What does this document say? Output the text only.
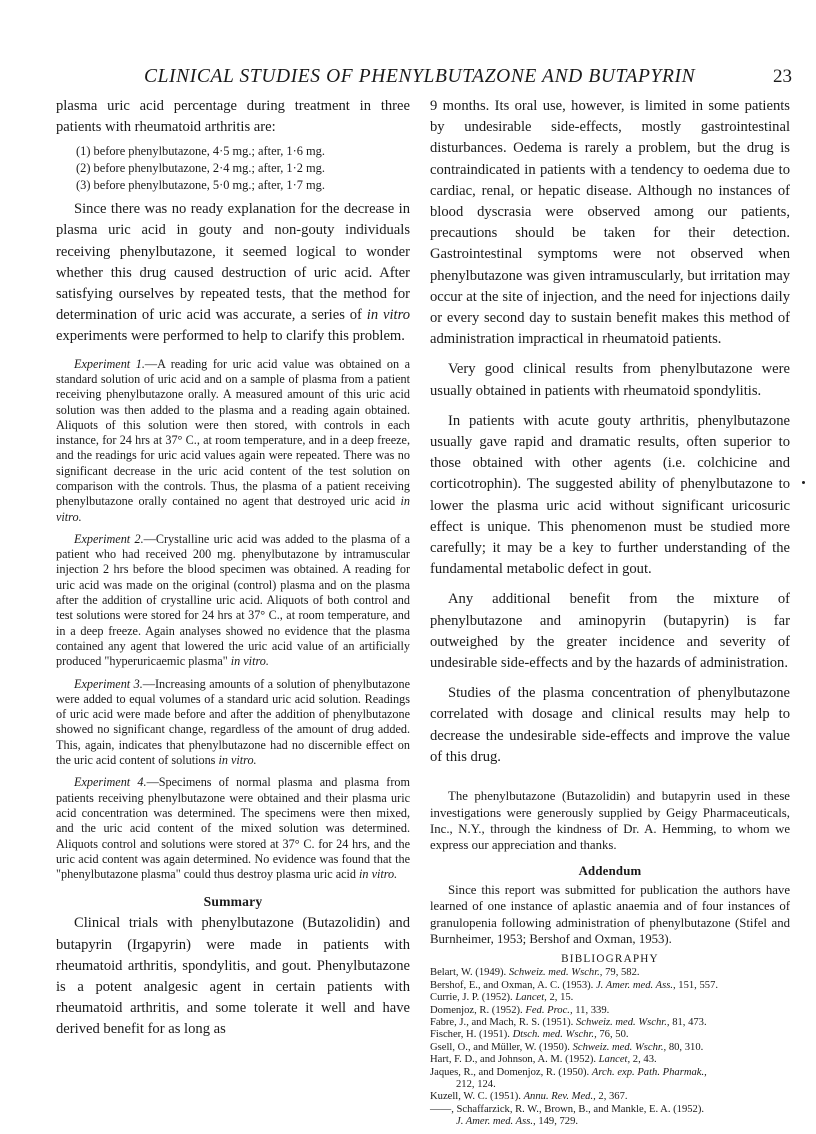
CLINICAL STUDIES OF PHENYLBUTAZONE AND BUTAPYRIN	23

plasma uric acid percentage during treatment in three patients with rheumatoid arthritis are:

(1) before phenylbutazone, 4·5 mg.; after, 1·6 mg.
(2) before phenylbutazone, 2·4 mg.; after, 1·2 mg.
(3) before phenylbutazone, 5·0 mg.; after, 1·7 mg.

Since there was no ready explanation for the decrease in plasma uric acid in gouty and non-gouty individuals receiving phenylbutazone, it seemed logical to wonder whether this drug caused destruction of uric acid. After satisfying ourselves by repeated tests, that the method for determination of uric acid was accurate, a series of in vitro experiments were performed to help to clarify this problem.

Experiment 1.—A reading for uric acid value was obtained on a standard solution of uric acid and on a sample of plasma from a patient receiving phenylbutazone orally. A measured amount of this uric acid solution was then added to the plasma and a reading again obtained. Aliquots of this solution were then stored, with controls in each instance, for 24 hrs at 37° C., at room temperature, and in a deep freeze, and the readings for uric acid values again were repeated. There was no significant decrease in the uric acid content of the test solution on comparison with the controls. Thus, the plasma of a patient receiving phenylbutazone orally contained no agent that destroyed uric acid in vitro.

Experiment 2.—Crystalline uric acid was added to the plasma of a patient who had received 200 mg. phenylbutazone by intramuscular injection 2 hrs before the blood specimen was obtained. A reading for uric acid was made on the original (control) plasma and on the plasma after the addition of crystalline uric acid. Aliquots of both control and test solutions were stored for 24 hrs at 37° C., at room temperature, and in a deep freeze. Again analyses showed no evidence that the plasma contained any agent that lowered the uric acid value of an artificially produced "hyperuricaemic plasma" in vitro.

Experiment 3.—Increasing amounts of a solution of phenylbutazone were added to equal volumes of a standard uric acid solution. Readings of uric acid were made before and after the addition of phenylbutazone showed no significant change, regardless of the amount of drug added. This, again, indicates that phenylbutazone had no discernible effect on the uric acid content of solutions in vitro.

Experiment 4.—Specimens of normal plasma and plasma from patients receiving phenylbutazone were obtained and their plasma uric acid concentration was determined. The specimens were then mixed, and the uric acid content of the mixed solution was determined. Aliquots control and solutions were stored at 37° C. for 24 hrs, and the uric acid content was again determined. No evidence was found that the "phenylbutazone plasma" could thus destroy plasma uric acid in vitro.

Summary

Clinical trials with phenylbutazone (Butazolidin) and butapyrin (Irgapyrin) were made in patients with rheumatoid arthritis, spondylitis, and gout. Phenylbutazone is a potent analgesic agent in certain patients with rheumatoid arthritis, and some tolerate it well and have derived benefit for as long as

9 months. Its oral use, however, is limited in some patients by undesirable side-effects, mostly gastrointestinal disturbances. Oedema is rarely a problem, but the drug is contraindicated in patients with a tendency to oedema due to cardiac, renal, or hepatic disease. Although no instances of blood dyscrasia were observed among our patients, precautions should be taken for their detection. Gastrointestinal symptoms were not observed when phenylbutazone was given intramuscularly, but irritation may occur at the site of injection, and the need for injections daily or every second day to sustain benefit makes this method of administration impractical in rheumatoid patients.

Very good clinical results from phenylbutazone were usually obtained in patients with rheumatoid spondylitis.

In patients with acute gouty arthritis, phenylbutazone usually gave rapid and dramatic results, often superior to those obtained with other agents (i.e. colchicine and corticotrophin). The suggested ability of phenylbutazone to lower the plasma uric acid without significant uricosuric effect is unique. This phenomenon must be studied more carefully; it may be a key to further understanding of the fundamental metabolic defect in gout.

Any additional benefit from the mixture of phenylbutazone and aminopyrin (butapyrin) is far outweighed by the greater incidence and severity of undesirable side-effects and by the hazards of administration.

Studies of the plasma concentration of phenylbutazone correlated with dosage and clinical results may help to decrease the undesirable side-effects and improve the value of this drug.

The phenylbutazone (Butazolidin) and butapyrin used in these investigations were generously supplied by Geigy Pharmaceuticals, Inc., N.Y., through the kindness of Dr. A. Hemming, to whom we express our appreciation and thanks.

Addendum

Since this report was submitted for publication the authors have learned of one instance of aplastic anaemia and of four instances of granulopenia following administration of phenylbutazone (Stifel and Burnheimer, 1953; Bershof and Oxman, 1953).

BIBLIOGRAPHY
Belart, W. (1949). Schweiz. med. Wschr., 79, 582.
Bershof, E., and Oxman, A. C. (1953). J. Amer. med. Ass., 151, 557.
Currie, J. P. (1952). Lancet, 2, 15.
Domenjoz, R. (1952). Fed. Proc., 11, 339.
Fabre, J., and Mach, R. S. (1951). Schweiz. med. Wschr., 81, 473.
Fischer, H. (1951). Dtsch. med. Wschr., 76, 50.
Gsell, O., and Müller, W. (1950). Schweiz. med. Wschr., 80, 310.
Hart, F. D., and Johnson, A. M. (1952). Lancet, 2, 43.
Jaques, R., and Domenjoz, R. (1950). Arch. exp. Path. Pharmak.,
212, 124.
Kuzell, W. C. (1951). Annu. Rev. Med., 2, 367.
——, Schaffarzick, R. W., Brown, B., and Mankle, E. A. (1952).
J. Amer. med. Ass., 149, 729.
